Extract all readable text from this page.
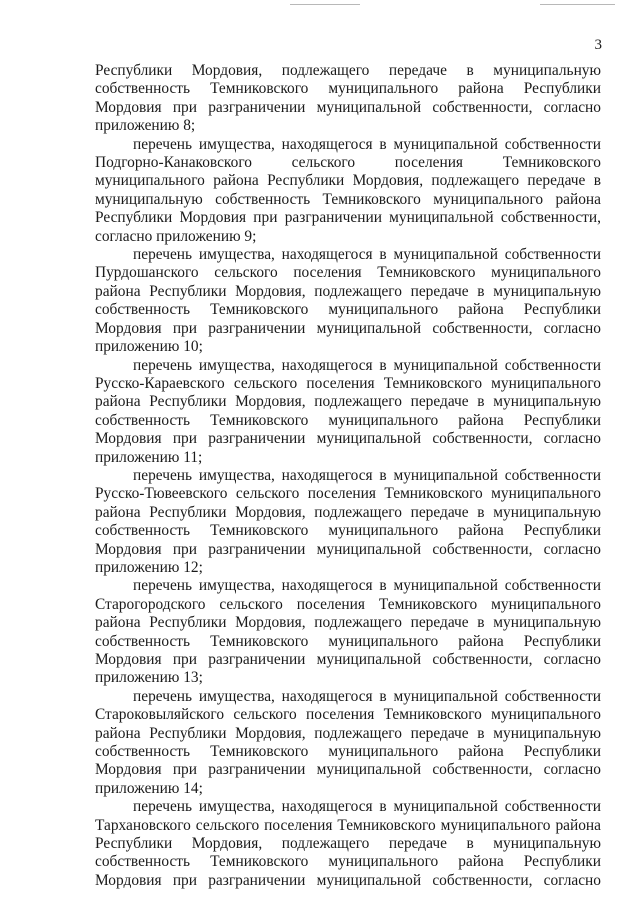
3

Республики Мордовия, подлежащего передаче в муниципальную собственность Темниковского муниципального района Республики Мордовия при разграничении муниципальной собственности, согласно приложению 8;

перечень имущества, находящегося в муниципальной собственности Подгорно-Канаковского сельского поселения Темниковского муниципального района Республики Мордовия, подлежащего передаче в муниципальную собственность Темниковского муниципального района Республики Мордовия при разграничении муниципальной собственности, согласно приложению 9;

перечень имущества, находящегося в муниципальной собственности Пурдошанского сельского поселения Темниковского муниципального района Республики Мордовия, подлежащего передаче в муниципальную собственность Темниковского муниципального района Республики Мордовия при разграничении муниципальной собственности, согласно приложению 10;

перечень имущества, находящегося в муниципальной собственности Русско-Караевского сельского поселения Темниковского муниципального района Республики Мордовия, подлежащего передаче в муниципальную собственность Темниковского муниципального района Республики Мордовия при разграничении муниципальной собственности, согласно приложению 11;

перечень имущества, находящегося в муниципальной собственности Русско-Тювеевского сельского поселения Темниковского муниципального района Республики Мордовия, подлежащего передаче в муниципальную собственность Темниковского муниципального района Республики Мордовия при разграничении муниципальной собственности, согласно приложению 12;

перечень имущества, находящегося в муниципальной собственности Старогородского сельского поселения Темниковского муниципального района Республики Мордовия, подлежащего передаче в муниципальную собственность Темниковского муниципального района Республики Мордовия при разграничении муниципальной собственности, согласно приложению 13;

перечень имущества, находящегося в муниципальной собственности Староковыляйского сельского поселения Темниковского муниципального района Республики Мордовия, подлежащего передаче в муниципальную собственность Темниковского муниципального района Республики Мордовия при разграничении муниципальной собственности, согласно приложению 14;

перечень имущества, находящегося в муниципальной собственности Тархановского сельского поселения Темниковского муниципального района Республики Мордовия, подлежащего передаче в муниципальную собственность Темниковского муниципального района Республики Мордовия при разграничении муниципальной собственности, согласно
